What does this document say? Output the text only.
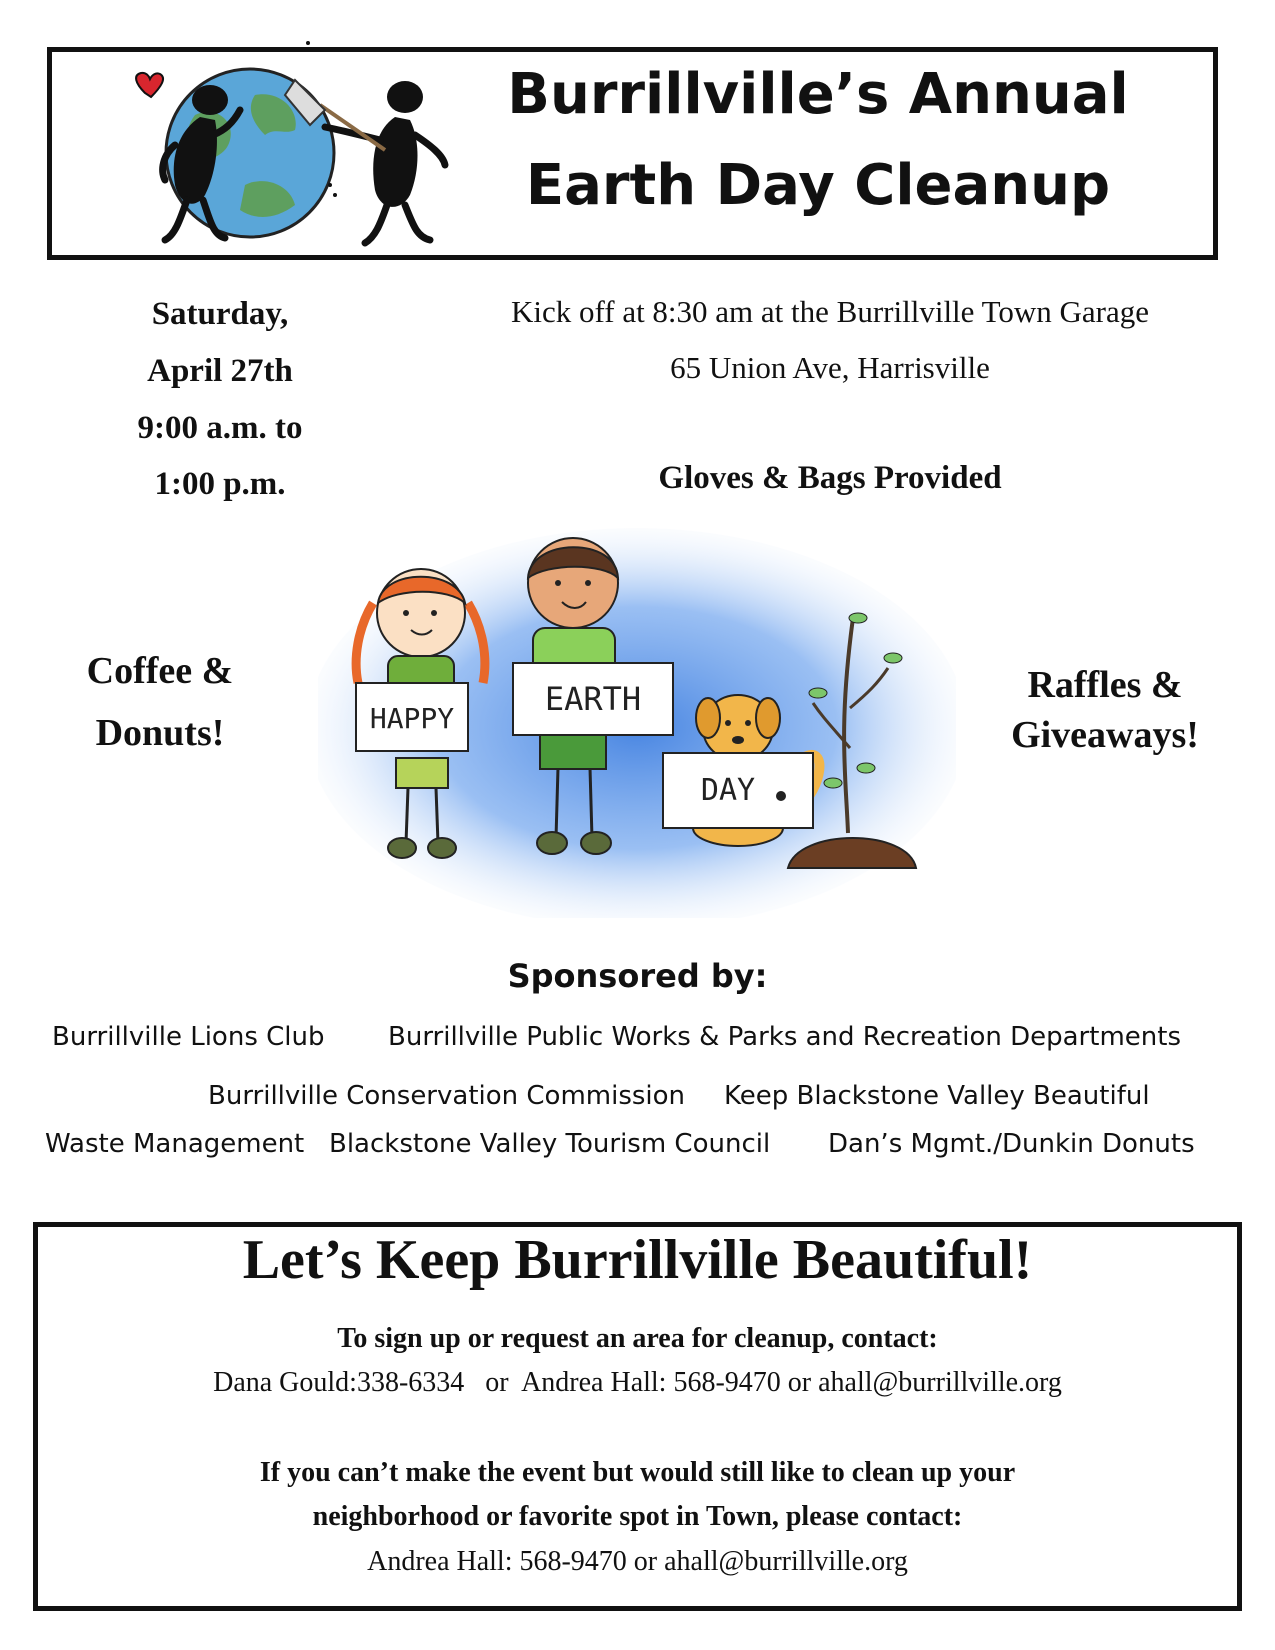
Burrillville’s Annual
Earth Day Cleanup
Saturday,
April 27th
9:00 a.m. to
1:00 p.m.
Kick off at 8:30 am at the Burrillville Town Garage
65 Union Ave, Harrisville
Gloves & Bags Provided
Coffee &
Donuts!
Raffles &
Giveaways!
HAPPY
EARTH
DAY
Sponsored by:
Burrillville Lions Club Burrillville Public Works & Parks and Recreation Departments
Burrillville Conservation Commission Keep Blackstone Valley Beautiful
Waste Management Blackstone Valley Tourism Council Dan’s Mgmt./Dunkin Donuts
Let’s Keep Burrillville Beautiful!
To sign up or request an area for cleanup, contact:
Dana Gould:338-6334   or  Andrea Hall: 568-9470 or ahall@burrillville.org
If you can’t make the event but would still like to clean up your
neighborhood or favorite spot in Town, please contact:
Andrea Hall: 568-9470 or ahall@burrillville.org
